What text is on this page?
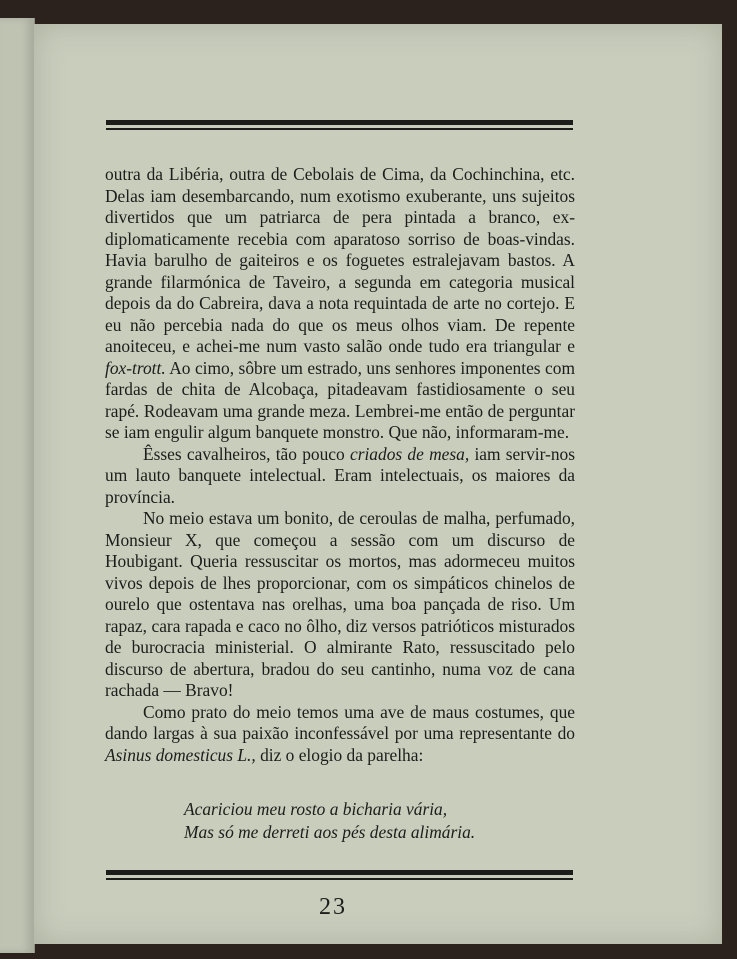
outra da Libéria, outra de Cebolais de Cima, da Cochinchina, etc. Delas iam desembarcando, num exotismo exuberante, uns sujeitos divertidos que um patriarca de pera pintada a branco, ex-diplomaticamente recebia com aparatoso sorriso de boas-vindas. Havia barulho de gaiteiros e os foguetes estralejavam bastos. A grande filarmónica de Taveiro, a segunda em categoria musical depois da do Cabreira, dava a nota requintada de arte no cortejo. E eu não percebia nada do que os meus olhos viam. De repente anoiteceu, e achei-me num vasto salão onde tudo era triangular e fox-trott. Ao cimo, sôbre um estrado, uns senhores imponentes com fardas de chita de Alcobaça, pitadeavam fastidiosamente o seu rapé. Rodeavam uma grande meza. Lembrei-me então de perguntar se iam engulir algum banquete monstro. Que não, informaram-me.

Êsses cavalheiros, tão pouco criados de mesa, iam servir-nos um lauto banquete intelectual. Eram intelectuais, os maiores da província.

No meio estava um bonito, de ceroulas de malha, perfumado, Monsieur X, que começou a sessão com um discurso de Houbigant. Queria ressuscitar os mortos, mas adormeceu muitos vivos depois de lhes proporcionar, com os simpáticos chinelos de ourelo que ostentava nas orelhas, uma boa pançada de riso. Um rapaz, cara rapada e caco no ôlho, diz versos patrióticos misturados de burocracia ministerial. O almirante Rato, ressuscitado pelo discurso de abertura, bradou do seu cantinho, numa voz de cana rachada — Bravo!

Como prato do meio temos uma ave de maus costumes, que dando largas à sua paixão inconfessável por uma representante do Asinus domesticus L., diz o elogio da parelha:

Acariciou meu rosto a bicharia vária,
Mas só me derreti aos pés desta alimária.
23
